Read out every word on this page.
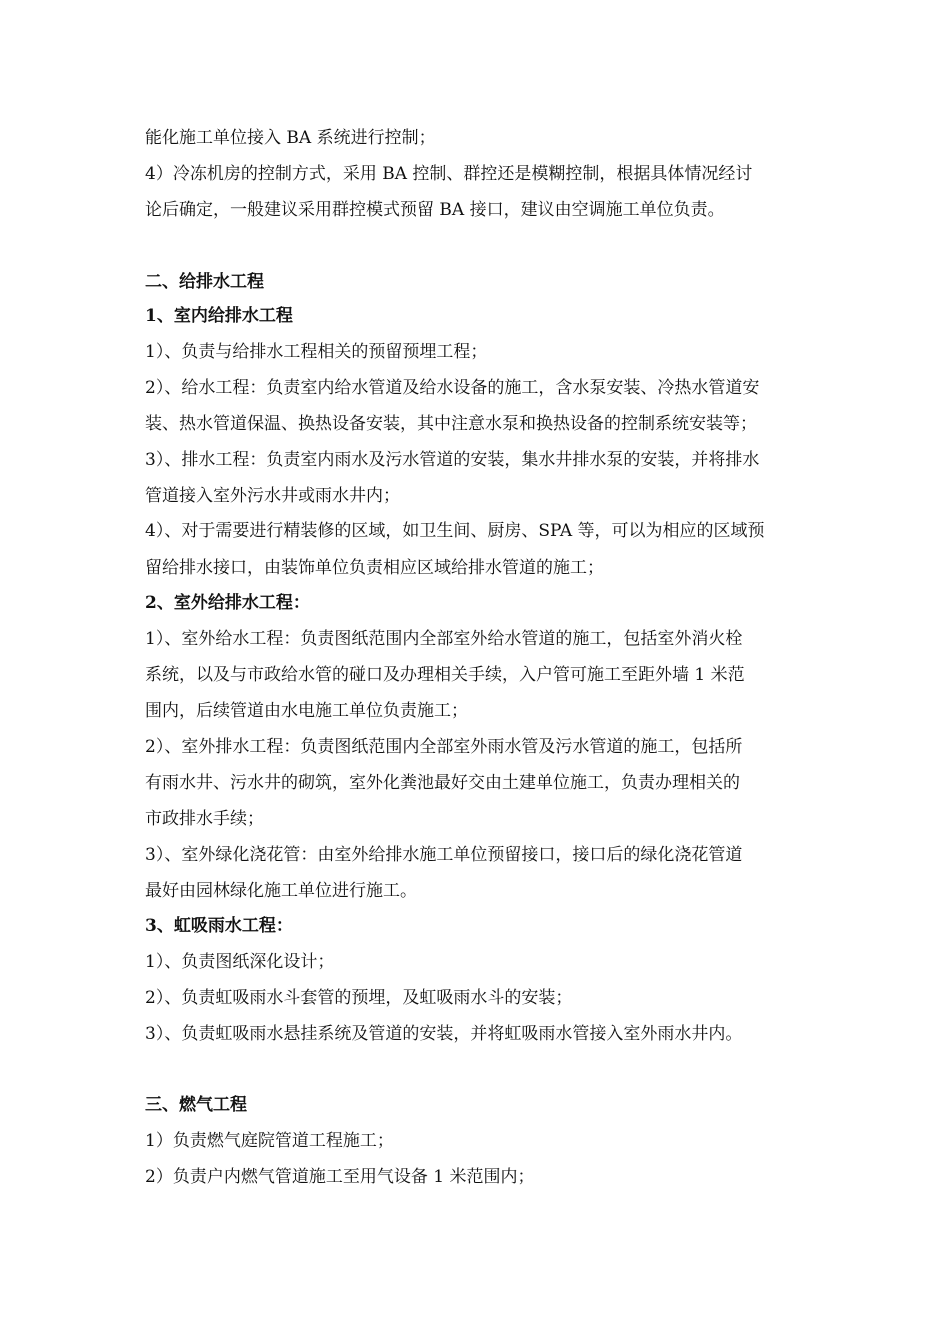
能化施工单位接入 BA 系统进行控制；
4）冷冻机房的控制方式，采用 BA 控制、群控还是模糊控制，根据具体情况经讨
论后确定，一般建议采用群控模式预留 BA 接口，建议由空调施工单位负责。
二、给排水工程
1、室内给排水工程
1）、负责与给排水工程相关的预留预埋工程；
2）、给水工程：负责室内给水管道及给水设备的施工，含水泵安装、冷热水管道安
装、热水管道保温、换热设备安装，其中注意水泵和换热设备的控制系统安装等；
3）、排水工程：负责室内雨水及污水管道的安装，集水井排水泵的安装，并将排水
管道接入室外污水井或雨水井内；
4）、对于需要进行精装修的区域，如卫生间、厨房、SPA 等，可以为相应的区域预
留给排水接口，由装饰单位负责相应区域给排水管道的施工；
2、室外给排水工程：
1）、室外给水工程：负责图纸范围内全部室外给水管道的施工，包括室外消火栓
系统，以及与市政给水管的碰口及办理相关手续，入户管可施工至距外墙 1 米范
围内，后续管道由水电施工单位负责施工；
2）、室外排水工程：负责图纸范围内全部室外雨水管及污水管道的施工，包括所
有雨水井、污水井的砌筑，室外化粪池最好交由土建单位施工，负责办理相关的
市政排水手续；
3）、室外绿化浇花管：由室外给排水施工单位预留接口，接口后的绿化浇花管道
最好由园林绿化施工单位进行施工。
3、虹吸雨水工程：
1）、负责图纸深化设计；
2）、负责虹吸雨水斗套管的预埋，及虹吸雨水斗的安装；
3）、负责虹吸雨水悬挂系统及管道的安装，并将虹吸雨水管接入室外雨水井内。
三、燃气工程
1）负责燃气庭院管道工程施工；
2）负责户内燃气管道施工至用气设备 1 米范围内；
